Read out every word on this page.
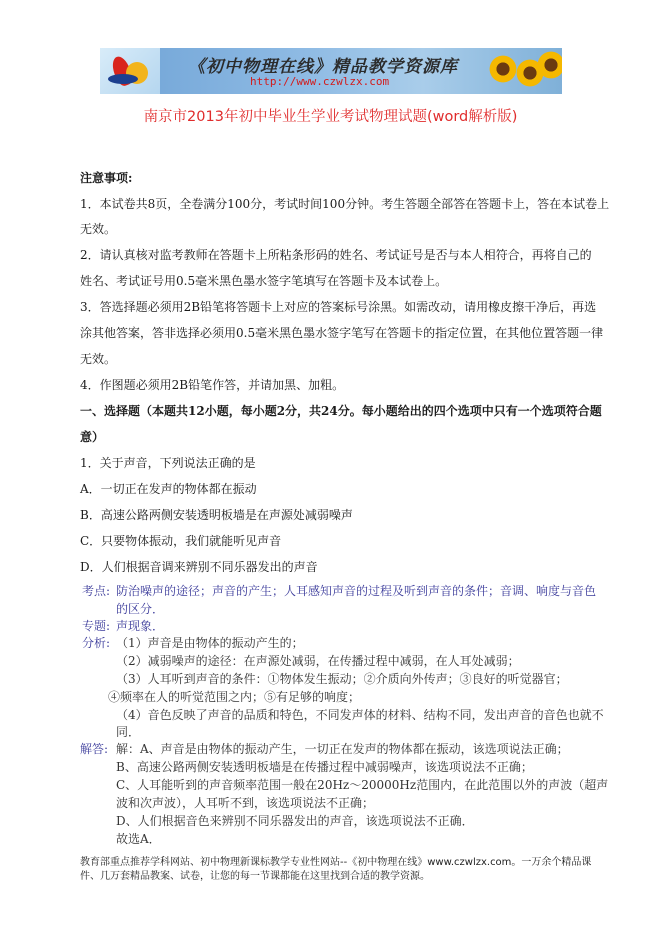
《初中物理在线》精品教学资源库
http://www.czwlzx.com
南京市2013年初中毕业生学业考试物理试题(word解析版)
注意事项:
1．本试卷共8页，全卷满分100分，考试时间100分钟。考生答题全部答在答题卡上，答在本试卷上
无效。
2．请认真核对监考教师在答题卡上所粘条形码的姓名、考试证号是否与本人相符合，再将自己的
姓名、考试证号用0.5毫米黑色墨水签字笔填写在答题卡及本试卷上。
3．答选择题必须用2B铅笔将答题卡上对应的答案标号涂黑。如需改动，请用橡皮擦干净后，再选
涂其他答案，答非选择必须用0.5毫米黑色墨水签字笔写在答题卡的指定位置，在其他位置答题一律
无效。
4．作图题必须用2B铅笔作答，并请加黑、加粗。
一、选择题（本题共12小题，每小题2分，共24分。每小题给出的四个选项中只有一个选项符合题
意）
1．关于声音，下列说法正确的是
A．一切正在发声的物体都在振动
B．高速公路两侧安装透明板墙是在声源处减弱噪声
C．只要物体振动，我们就能听见声音
D．人们根据音调来辨别不同乐器发出的声音
考点: 防治噪声的途径；声音的产生；人耳感知声音的过程及听到声音的条件；音调、响度与音色
的区分．
专题: 声现象．
分析: （1）声音是由物体的振动产生的；
（2）减弱噪声的途径：在声源处减弱，在传播过程中减弱，在人耳处减弱；
（3）人耳听到声音的条件：①物体发生振动；②介质向外传声；③良好的听觉器官；
④频率在人的听觉范围之内；⑤有足够的响度；
（4）音色反映了声音的品质和特色，不同发声体的材料、结构不同，发出声音的音色也就不
同．
解答: 解：A、声音是由物体的振动产生，一切正在发声的物体都在振动，该选项说法正确；
B、高速公路两侧安装透明板墙是在传播过程中减弱噪声，该选项说法不正确；
C、人耳能听到的声音频率范围一般在20Hz～20000Hz范围内，在此范围以外的声波（超声
波和次声波），人耳听不到，该选项说法不正确；
D、人们根据音色来辨别不同乐器发出的声音，该选项说法不正确．
故选A．
教育部重点推荐学科网站、初中物理新课标教学专业性网站--《初中物理在线》www.czwlzx.com。一万余个精品课
件、几万套精品教案、试卷，让您的每一节课都能在这里找到合适的教学资源。
